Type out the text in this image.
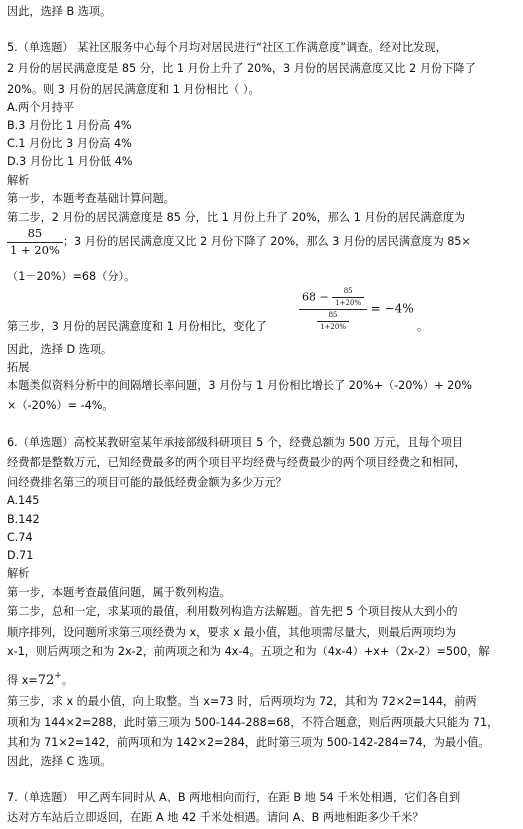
因此，选择 B 选项。
5.（单选题） 某社区服务中心每个月均对居民进行“社区工作满意度”调查。经对比发现，
2 月份的居民满意度是 85 分，比 1 月份上升了 20%，3 月份的居民满意度又比 2 月份下降了
20%。则 3 月份的居民满意度和 1 月份相比（ ）。
A.两个月持平
B.3 月份比 1 月份高 4%
C.1 月份比 3 月份高 4%
D.3 月份比 1 月份低 4%
解析
第一步，本题考查基础计算问题。
第二步，2 月份的居民满意度是 85 分，比 1 月份上升了 20%，那么 1 月份的居民满意度为
$\frac{85}{1 + 20\%}$ ；3 月份的居民满意度又比 2 月份下降了 20%，那么 3 月份的居民满意度为 85×
（1－20%）=68（分）。
$\frac{68 - \frac{85}{1+20\%}}{\frac{85}{1+20\%}} = -4\%$
第三步，3 月份的居民满意度和 1 月份相比，变化了	。
因此，选择 D 选项。
拓展
本题类似资料分析中的间隔增长率问题，3 月份与 1 月份相比增长了 20%+（-20%）+ 20%
×（-20%）= -4%。
6.（单选题）高校某教研室某年承接部级科研项目 5 个，经费总额为 500 万元，且每个项目
经费都是整数万元，已知经费最多的两个项目平均经费与经费最少的两个项目经费之和相同，
问经费排名第三的项目可能的最低经费金额为多少万元？
A.145
B.142
C.74
D.71
解析
第一步，本题考查最值问题，属于数列构造。
第二步，总和一定，求某项的最值，利用数列构造方法解题。首先把 5 个项目按从大到小的
顺序排列，设问题所求第三项经费为 x，要求 x 最小值，其他项需尽量大，则最后两项均为
x-1，则后两项之和为 2x-2，前两项之和为 4x-4。五项之和为（4x-4）+x+（2x-2）=500，解
得 x=72+。
第三步，求 x 的最小值，向上取整。当 x=73 时，后两项均为 72，其和为 72×2=144，前两
项和为 144×2=288，此时第三项为 500-144-288=68，不符合题意，则后两项最大只能为 71，
其和为 71×2=142，前两项和为 142×2=284，此时第三项为 500-142-284=74，为最小值。
因此，选择 C 选项。
7.（单选题） 甲乙两车同时从 A、B 两地相向而行，在距 B 地 54 千米处相遇，它们各自到
达对方车站后立即返回，在距 A 地 42 千米处相遇。请问 A、B 两地相距多少千米？
